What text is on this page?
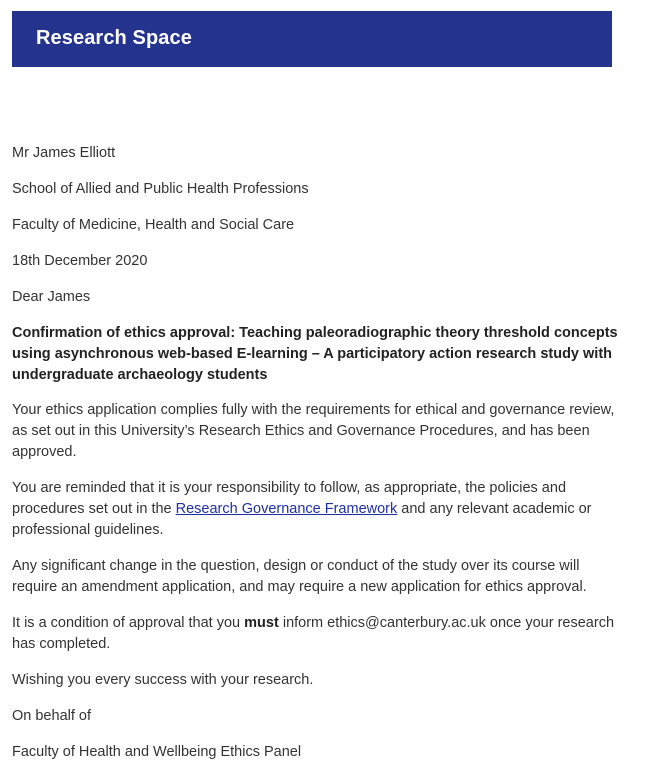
Research Space

Mr James Elliott

School of Allied and Public Health Professions

Faculty of Medicine, Health and Social Care

18th December 2020

Dear James

Confirmation of ethics approval: Teaching paleoradiographic theory threshold concepts using asynchronous web-based E-learning – A participatory action research study with undergraduate archaeology students

Your ethics application complies fully with the requirements for ethical and governance review, as set out in this University’s Research Ethics and Governance Procedures, and has been approved.

You are reminded that it is your responsibility to follow, as appropriate, the policies and procedures set out in the Research Governance Framework and any relevant academic or professional guidelines.

Any significant change in the question, design or conduct of the study over its course will require an amendment application, and may require a new application for ethics approval.

It is a condition of approval that you must inform ethics@canterbury.ac.uk once your research has completed.

Wishing you every success with your research.

On behalf of

Faculty of Health and Wellbeing Ethics Panel
